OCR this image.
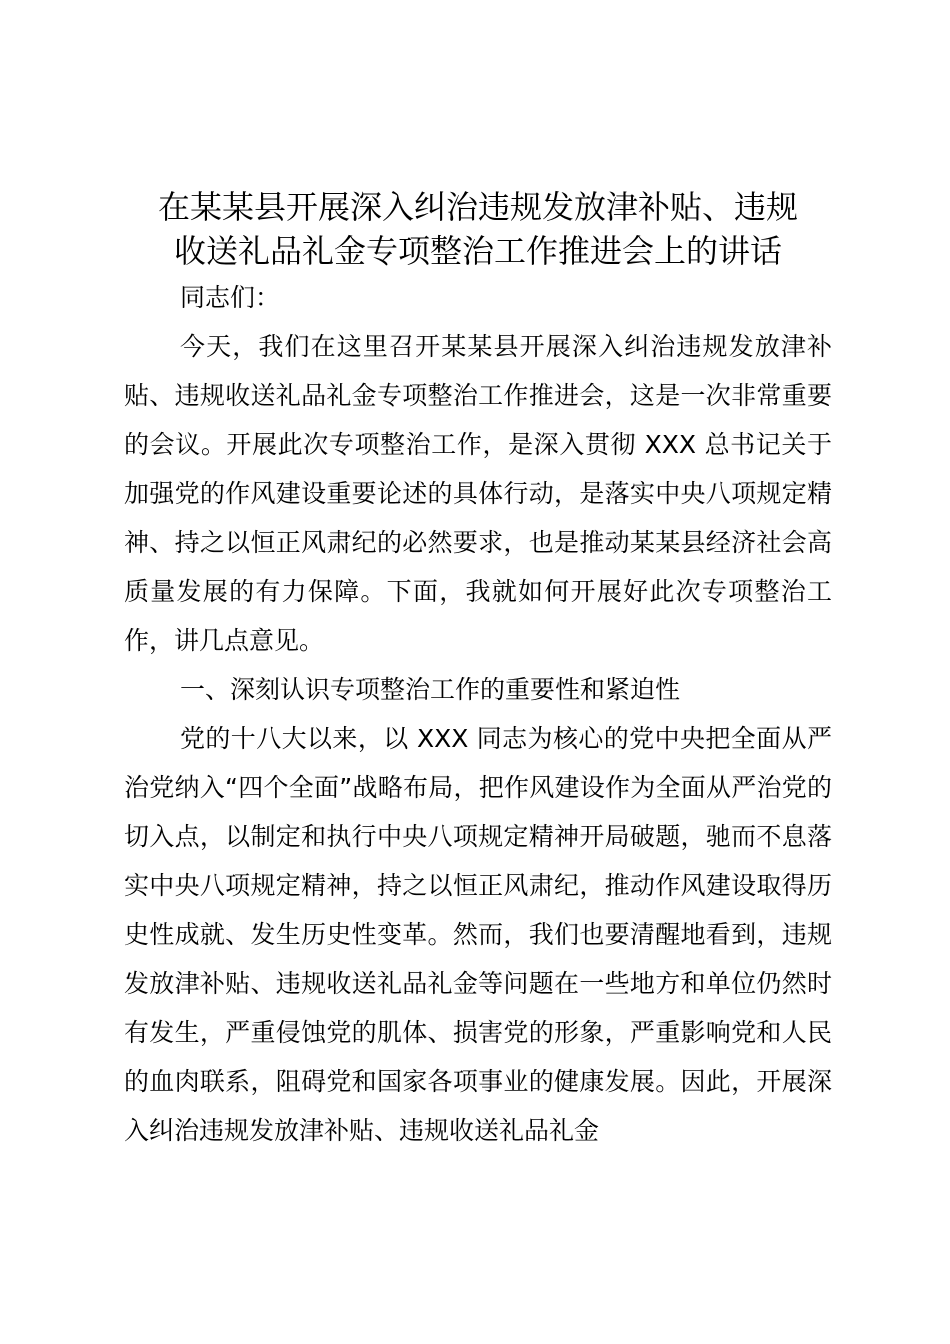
在某某县开展深入纠治违规发放津补贴、违规
收送礼品礼金专项整治工作推进会上的讲话

同志们：

今天，我们在这里召开某某县开展深入纠治违规发放津补贴、违规收送礼品礼金专项整治工作推进会，这是一次非常重要的会议。开展此次专项整治工作，是深入贯彻 XXX 总书记关于加强党的作风建设重要论述的具体行动，是落实中央八项规定精神、持之以恒正风肃纪的必然要求，也是推动某某县经济社会高质量发展的有力保障。下面，我就如何开展好此次专项整治工作，讲几点意见。

一、深刻认识专项整治工作的重要性和紧迫性

党的十八大以来，以 XXX 同志为核心的党中央把全面从严治党纳入“四个全面”战略布局，把作风建设作为全面从严治党的切入点，以制定和执行中央八项规定精神开局破题，驰而不息落实中央八项规定精神，持之以恒正风肃纪，推动作风建设取得历史性成就、发生历史性变革。然而，我们也要清醒地看到，违规发放津补贴、违规收送礼品礼金等问题在一些地方和单位仍然时有发生，严重侵蚀党的肌体、损害党的形象，严重影响党和人民的血肉联系，阻碍党和国家各项事业的健康发展。因此，开展深入纠治违规发放津补贴、违规收送礼品礼金
